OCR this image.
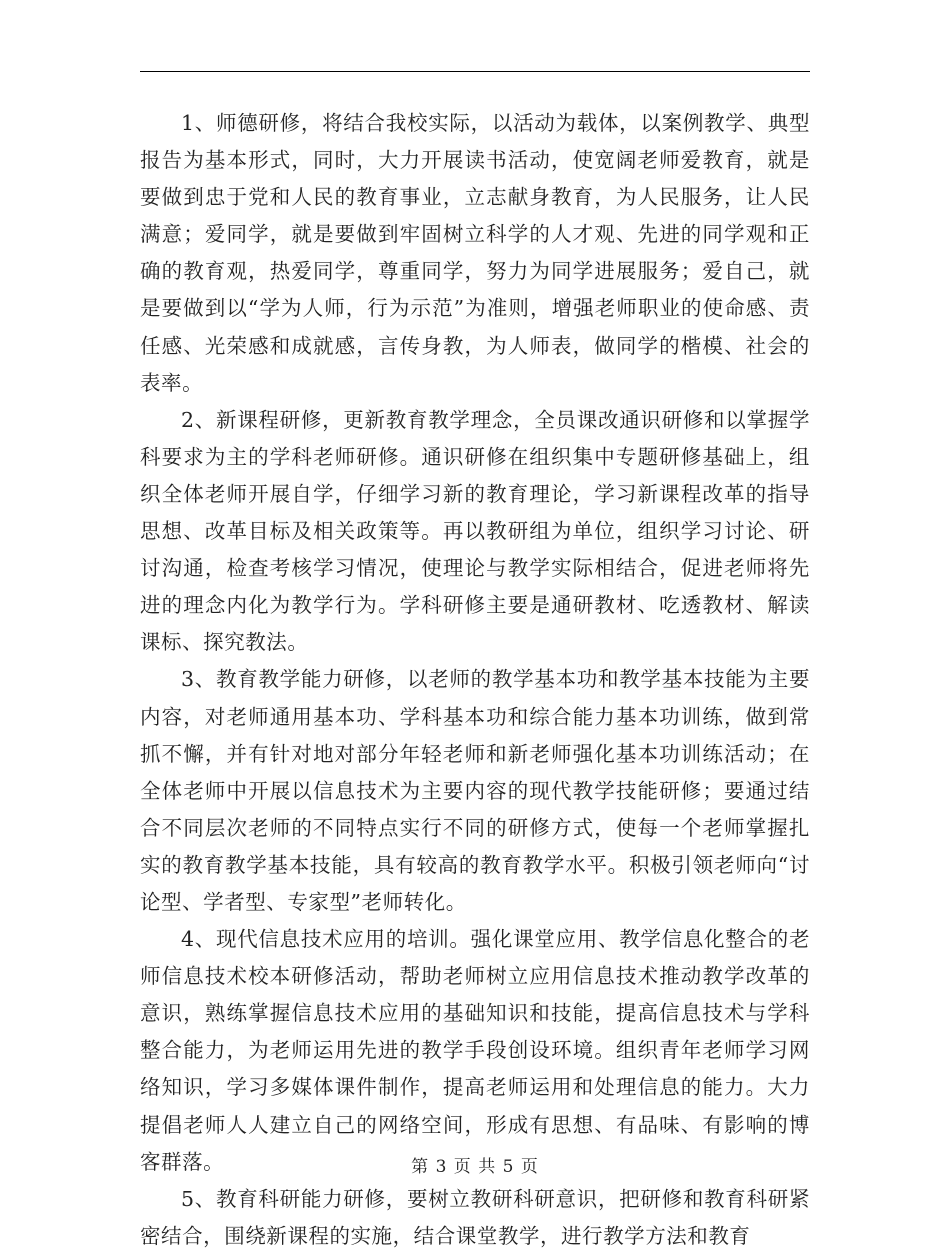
1、师德研修，将结合我校实际，以活动为载体，以案例教学、典型报告为基本形式，同时，大力开展读书活动，使宽阔老师爱教育，就是要做到忠于党和人民的教育事业，立志献身教育，为人民服务，让人民满意；爱同学，就是要做到牢固树立科学的人才观、先进的同学观和正确的教育观，热爱同学，尊重同学，努力为同学进展服务；爱自己，就是要做到以“学为人师，行为示范”为准则，增强老师职业的使命感、责任感、光荣感和成就感，言传身教，为人师表，做同学的楷模、社会的表率。

2、新课程研修，更新教育教学理念，全员课改通识研修和以掌握学科要求为主的学科老师研修。通识研修在组织集中专题研修基础上，组织全体老师开展自学，仔细学习新的教育理论，学习新课程改革的指导思想、改革目标及相关政策等。再以教研组为单位，组织学习讨论、研讨沟通，检查考核学习情况，使理论与教学实际相结合，促进老师将先进的理念内化为教学行为。学科研修主要是通研教材、吃透教材、解读课标、探究教法。

3、教育教学能力研修，以老师的教学基本功和教学基本技能为主要内容，对老师通用基本功、学科基本功和综合能力基本功训练，做到常抓不懈，并有针对地对部分年轻老师和新老师强化基本功训练活动；在全体老师中开展以信息技术为主要内容的现代教学技能研修；要通过结合不同层次老师的不同特点实行不同的研修方式，使每一个老师掌握扎实的教育教学基本技能，具有较高的教育教学水平。积极引领老师向“讨论型、学者型、专家型”老师转化。

4、现代信息技术应用的培训。强化课堂应用、教学信息化整合的老师信息技术校本研修活动，帮助老师树立应用信息技术推动教学改革的意识，熟练掌握信息技术应用的基础知识和技能，提高信息技术与学科整合能力，为老师运用先进的教学手段创设环境。组织青年老师学习网络知识，学习多媒体课件制作，提高老师运用和处理信息的能力。大力提倡老师人人建立自己的网络空间，形成有思想、有品味、有影响的博客群落。

5、教育科研能力研修，要树立教研科研意识，把研修和教育科研紧密结合，围绕新课程的实施，结合课堂教学，进行教学方法和教育

第 3 页 共 5 页
